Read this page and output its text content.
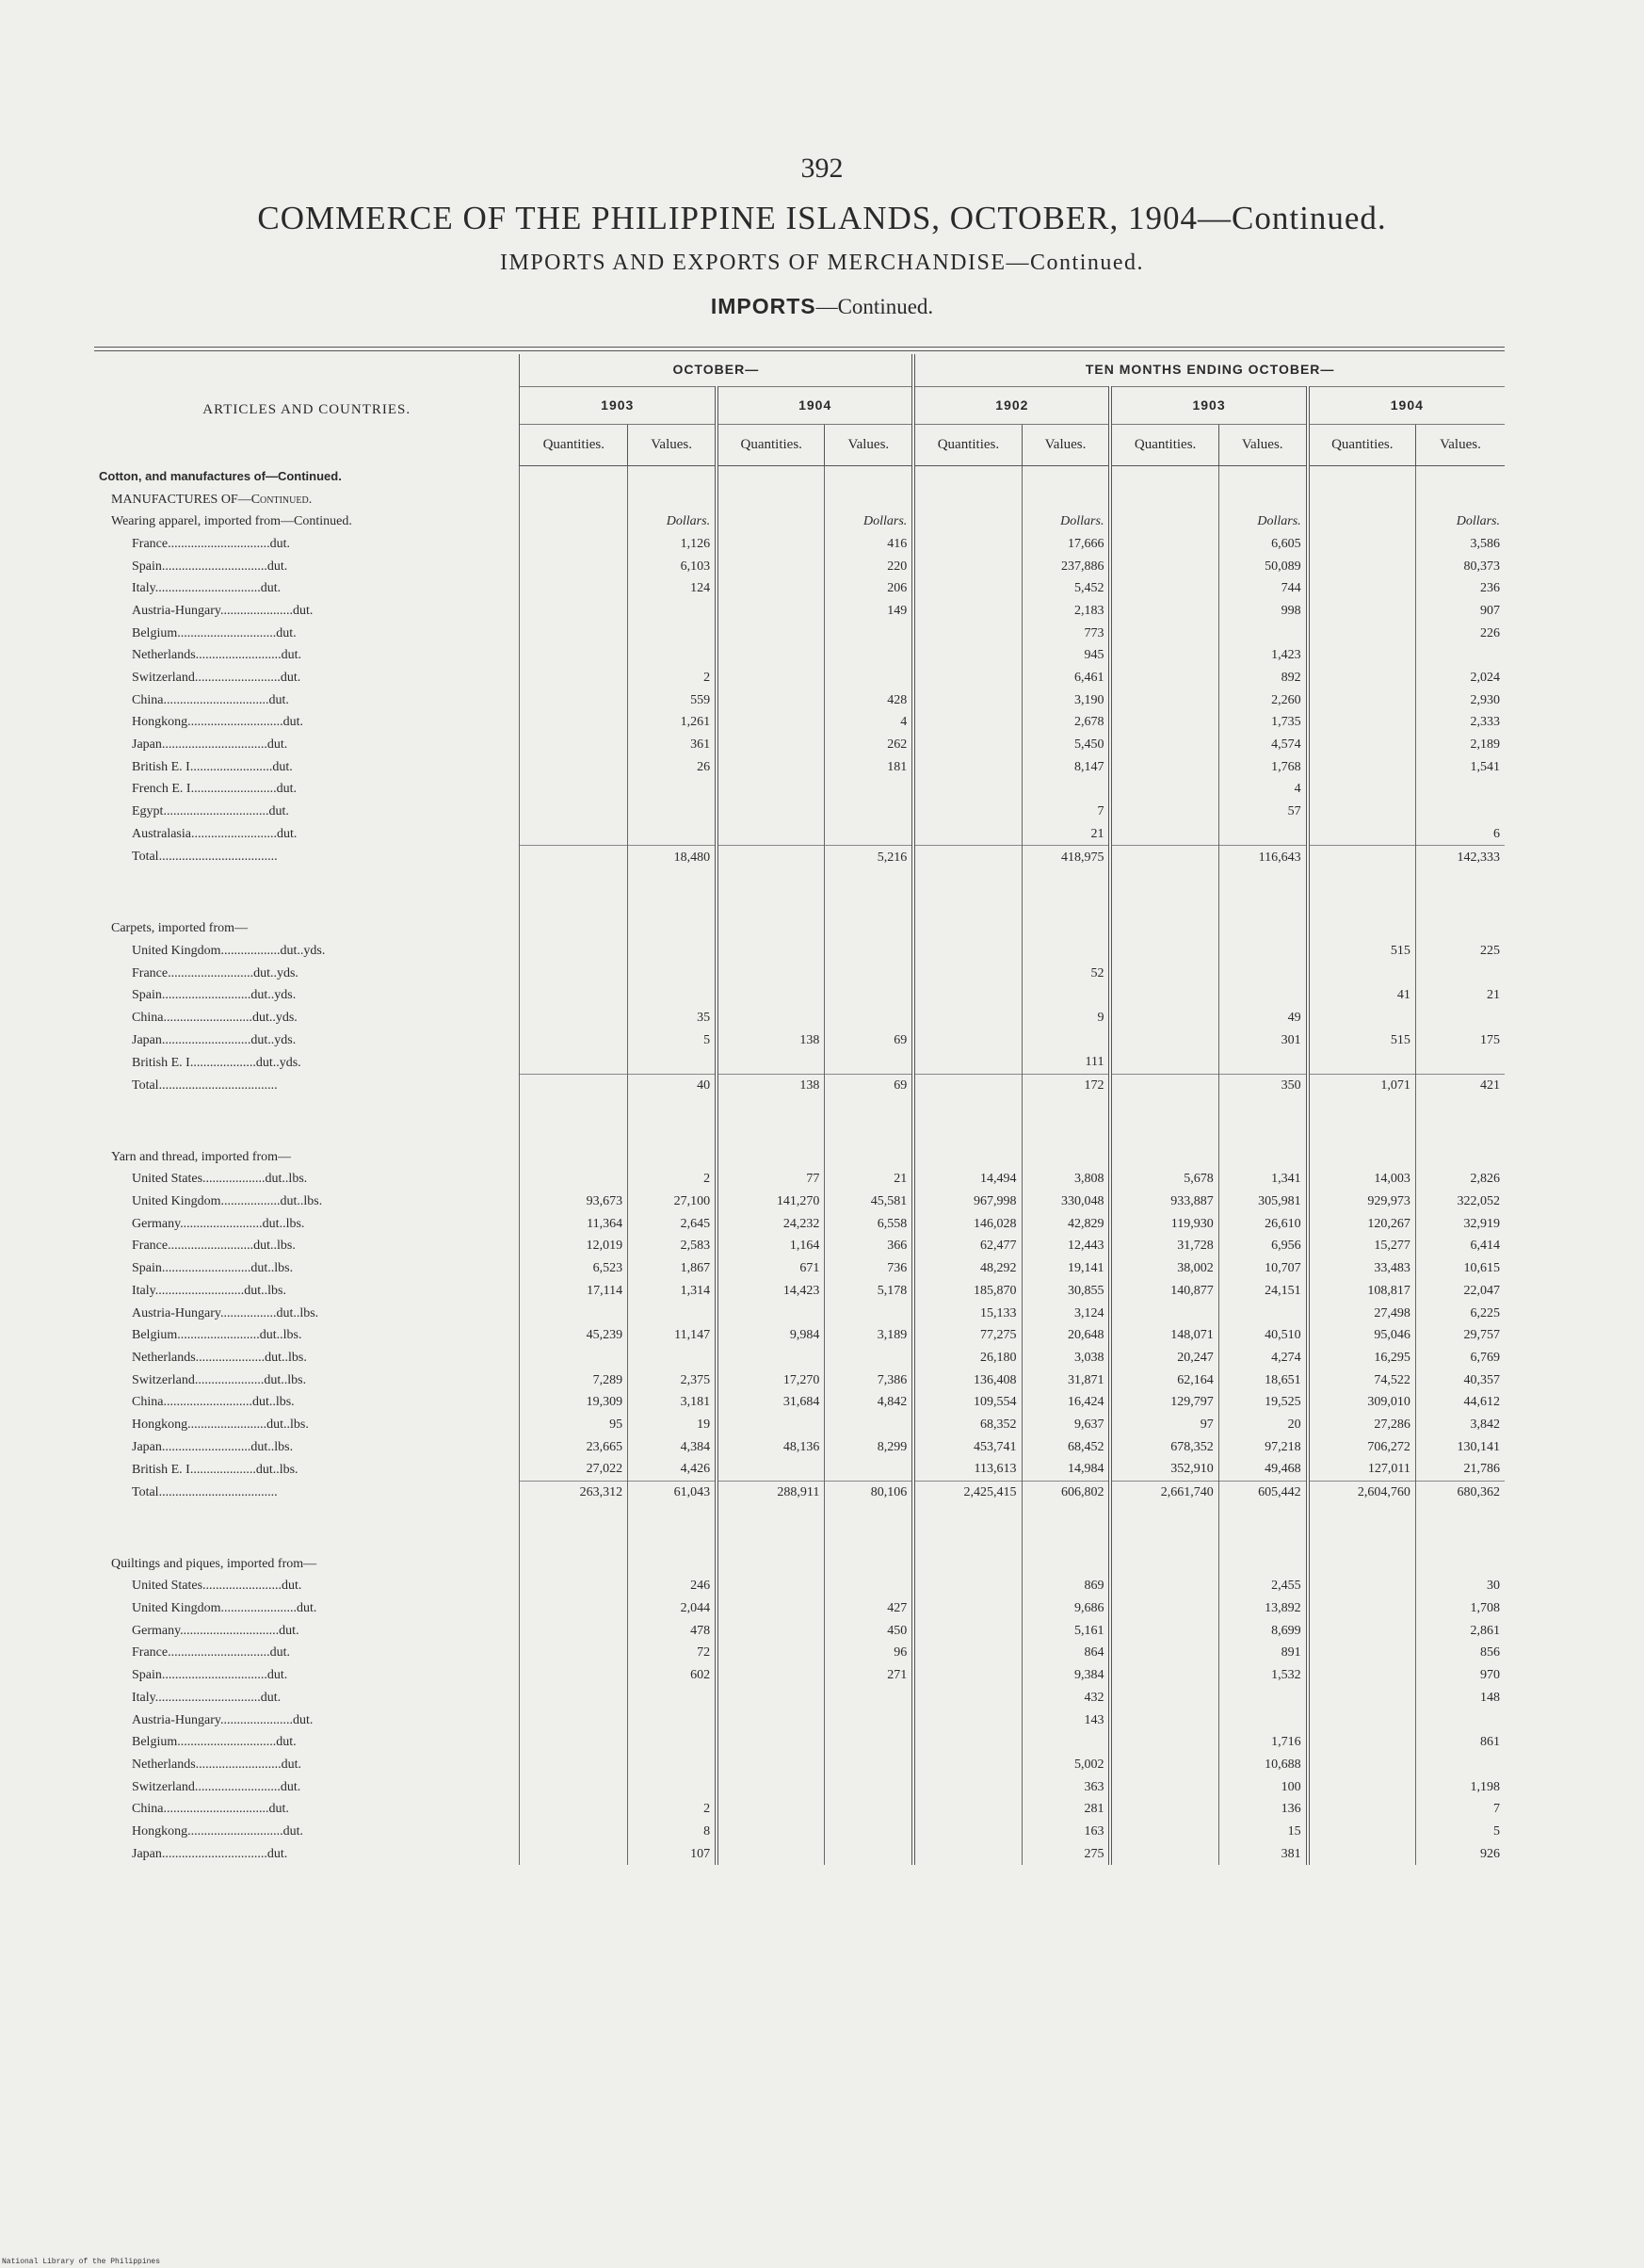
392
COMMERCE OF THE PHILIPPINE ISLANDS, OCTOBER, 1904—Continued.
IMPORTS AND EXPORTS OF MERCHANDISE—Continued.
IMPORTS—Continued.
ARTICLES AND COUNTRIES.	OCTOBER—				TEN MONTHS ENDING OCTOBER—					
	1903		1904		1902		1903		1904	
	Quantities.	Values.	Quantities.	Values.	Quantities.	Values.	Quantities.	Values.	Quantities.	Values.
Cotton, and manufactures of—Continued.										
MANUFACTURES OF—Continued.										
Wearing apparel, imported from—Continued.		Dollars.		Dollars.		Dollars.		Dollars.		Dollars.
France...............................dut.		1,126		416		17,666		6,605		3,586
Spain................................dut.		6,103		220		237,886		50,089		80,373
Italy................................dut.		124		206		5,452		744		236
Austria-Hungary......................dut.				149		2,183		998		907
Belgium..............................dut.						773				226
Netherlands..........................dut.						945		1,423		
Switzerland..........................dut.		2				6,461		892		2,024
China................................dut.		559		428		3,190		2,260		2,930
Hongkong.............................dut.		1,261		4		2,678		1,735		2,333
Japan................................dut.		361		262		5,450		4,574		2,189
British E. I.........................dut.		26		181		8,147		1,768		1,541
French E. I..........................dut.								4		
Egypt................................dut.						7		57		
Australasia..........................dut.						21				6
Total....................................		18,480		5,216		418,975		116,643		142,333

Carpets, imported from—										
United Kingdom..................dut..yds.									515	225
France..........................dut..yds.						52				
Spain...........................dut..yds.									41	21
China...........................dut..yds.		35				9		49		
Japan...........................dut..yds.		5	138	69				301	515	175
British E. I....................dut..yds.						111				
Total....................................		40	138	69		172		350	1,071	421

Yarn and thread, imported from—										
United States...................dut..lbs.		2	77	21	14,494	3,808	5,678	1,341	14,003	2,826
United Kingdom..................dut..lbs.	93,673	27,100	141,270	45,581	967,998	330,048	933,887	305,981	929,973	322,052
Germany.........................dut..lbs.	11,364	2,645	24,232	6,558	146,028	42,829	119,930	26,610	120,267	32,919
France..........................dut..lbs.	12,019	2,583	1,164	366	62,477	12,443	31,728	6,956	15,277	6,414
Spain...........................dut..lbs.	6,523	1,867	671	736	48,292	19,141	38,002	10,707	33,483	10,615
Italy...........................dut..lbs.	17,114	1,314	14,423	5,178	185,870	30,855	140,877	24,151	108,817	22,047
Austria-Hungary.................dut..lbs.					15,133	3,124			27,498	6,225
Belgium.........................dut..lbs.	45,239	11,147	9,984	3,189	77,275	20,648	148,071	40,510	95,046	29,757
Netherlands.....................dut..lbs.					26,180	3,038	20,247	4,274	16,295	6,769
Switzerland.....................dut..lbs.	7,289	2,375	17,270	7,386	136,408	31,871	62,164	18,651	74,522	40,357
China...........................dut..lbs.	19,309	3,181	31,684	4,842	109,554	16,424	129,797	19,525	309,010	44,612
Hongkong........................dut..lbs.	95	19			68,352	9,637	97	20	27,286	3,842
Japan...........................dut..lbs.	23,665	4,384	48,136	8,299	453,741	68,452	678,352	97,218	706,272	130,141
British E. I....................dut..lbs.	27,022	4,426			113,613	14,984	352,910	49,468	127,011	21,786
Total....................................	263,312	61,043	288,911	80,106	2,425,415	606,802	2,661,740	605,442	2,604,760	680,362

Quiltings and piques, imported from—										
United States........................dut.		246				869		2,455		30
United Kingdom.......................dut.		2,044		427		9,686		13,892		1,708
Germany..............................dut.		478		450		5,161		8,699		2,861
France...............................dut.		72		96		864		891		856
Spain................................dut.		602		271		9,384		1,532		970
Italy................................dut.						432				148
Austria-Hungary......................dut.						143				
Belgium..............................dut.								1,716		861
Netherlands..........................dut.						5,002		10,688		
Switzerland..........................dut.						363		100		1,198
China................................dut.		2				281		136		7
Hongkong.............................dut.		8				163		15		5
Japan................................dut.		107				275		381		926
National Library of the Philippines
